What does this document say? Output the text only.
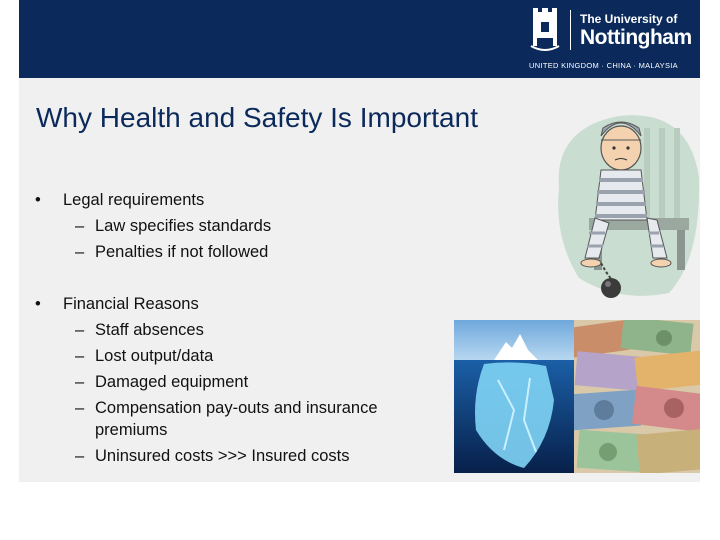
The University of
Nottingham
UNITED KINGDOM · CHINA · MALAYSIA
Why Health and Safety Is Important
• Legal requirements
– Law specifies standards
– Penalties if not followed
• Financial Reasons
– Staff absences
– Lost output/data
– Damaged equipment
– Compensation pay-outs and insurance
premiums
– Uninsured costs >>> Insured costs
